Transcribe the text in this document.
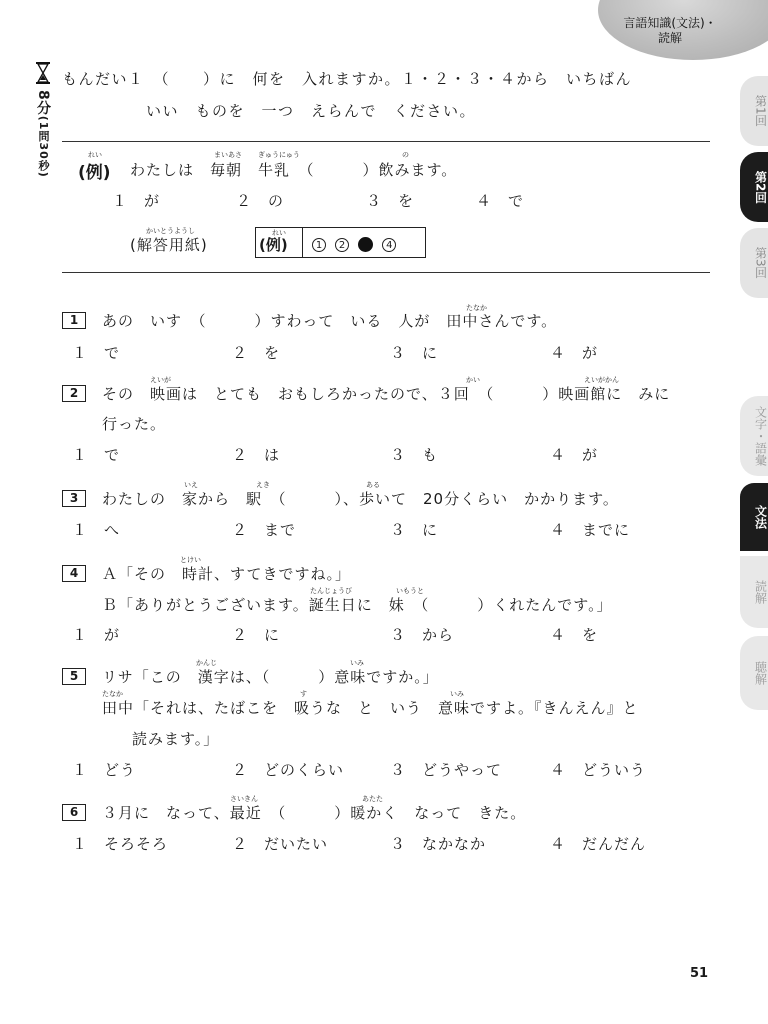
言語知識(文法)・
読解
8分(1問30秒)
もんだい１　（　　）に　何を　入れますか。１・２・３・４から　いちばん
いい　ものを　一つ　えらんで　ください。
れい
(例)
まいあさ ぎゅうにゅう	の
わたしは　毎朝　牛乳　（　　　）飲みます。
１　が	２　の	３　を	４　で
かいとうようし
(解答用紙)
れい
(例)	1 2	4
1
たなか
あの　いす　（　　　）すわって　いる　人が　田中さんです。
１　で	２　を	３　に	４　が
2
えいが	かい	えいがかん
その　映画は　とても　おもしろかったので、３回　（　　　）映画館に　みに
行った。
１　で	２　は	３　も	４　が
3
いえ	えき	ある
わたしの　家から　駅　（　　　）、歩いて　20分くらい　かかります。
１　へ	２　まで	３　に	４　までに
4
とけい
たんじょうび	いもうと
Ａ「その　時計、すてきですね。」
Ｂ「ありがとうございます。誕生日に　妹　（　　　）くれたんです。」
１　が	２　に	３　から	４　を
5
かんじ	いみ
リサ「この　漢字は、（　　　）意味ですか。」
たなか	す	いみ
田中「それは、たばこを　吸うな　と　いう　意味ですよ。『きんえん』と
読みます。」
１　どう	２　どのくらい	３　どうやって	４　どういう
6
さいきん	あたた
３月に　なって、最近　（　　　）暖かく　なって　きた。
１　そろそろ	２　だいたい	３　なかなか	４　だんだん
第1回
第2回
第3回
文字・語彙
文法
読解
聴解
51
